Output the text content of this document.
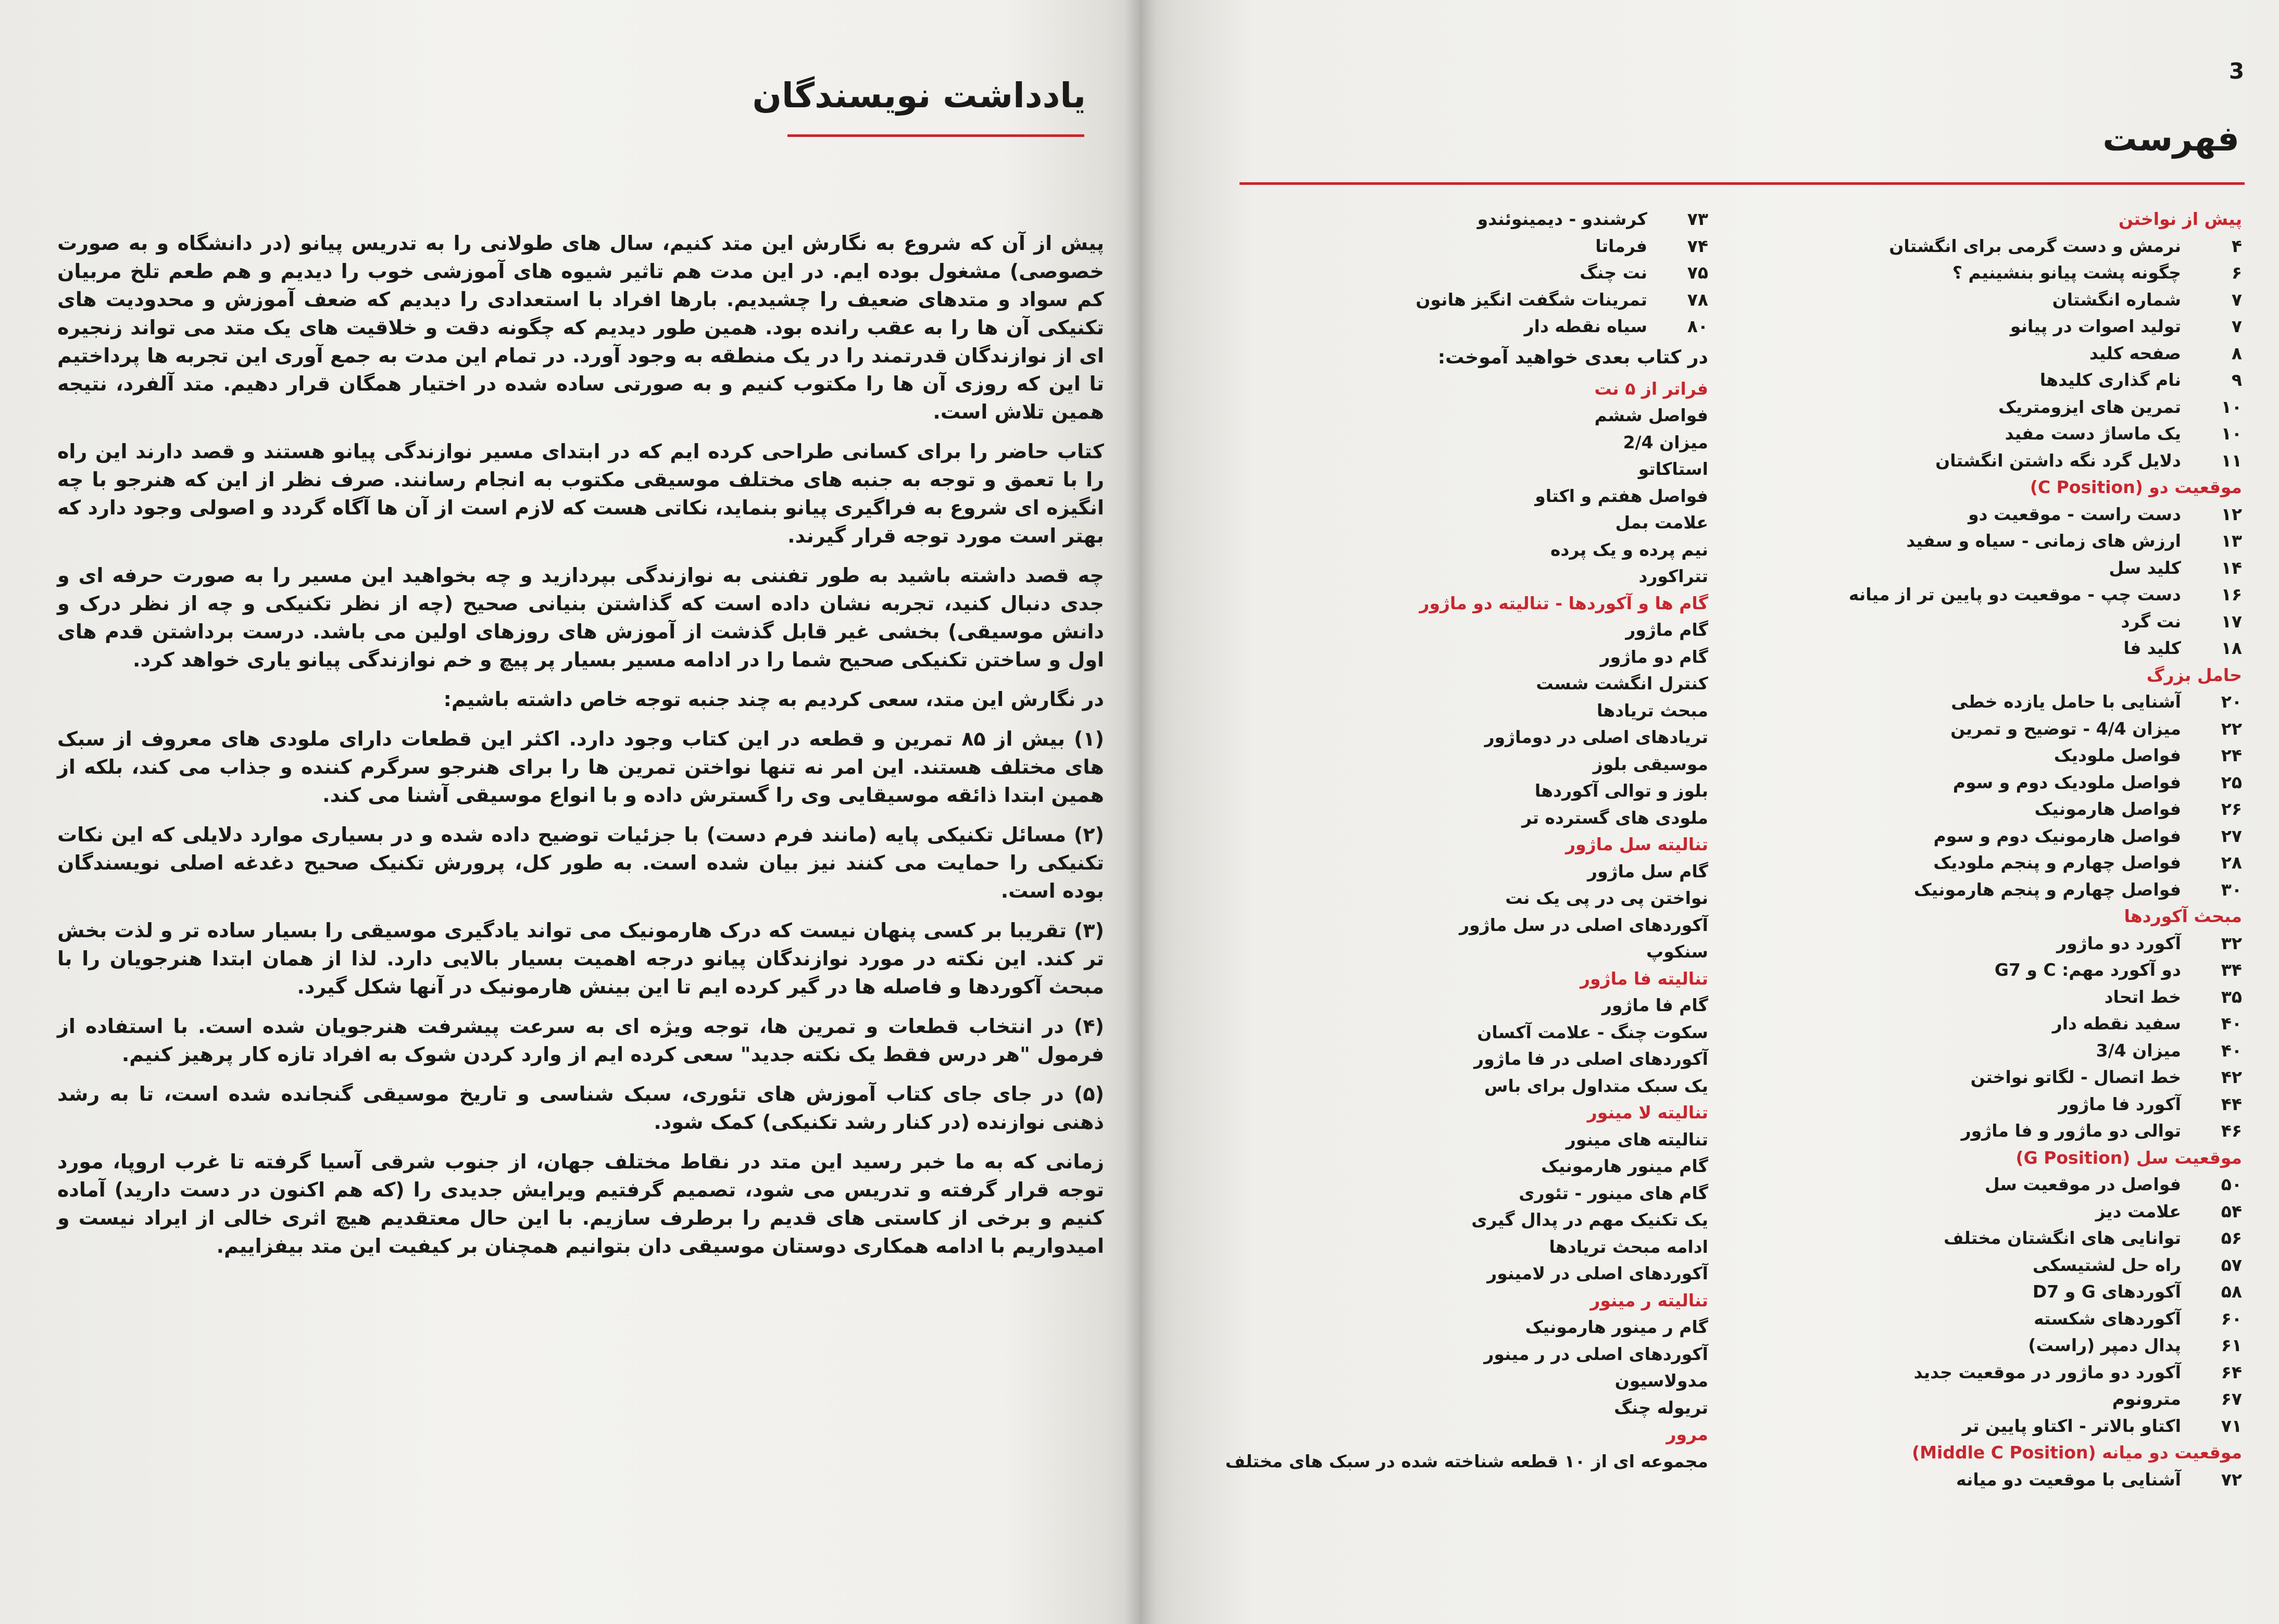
یادداشت نویسندگان

پیش از آن که شروع به نگارش این متد کنیم، سال های طولانی را به تدریس پیانو (در دانشگاه و به صورت خصوصی) مشغول بوده ایم. در این مدت هم تاثیر شیوه های آموزشی خوب را دیدیم و هم طعم تلخ مربیان کم سواد و متدهای ضعیف را چشیدیم. بارها افراد با استعدادی را دیدیم که ضعف آموزش و محدودیت های تکنیکی آن ها را به عقب رانده بود. همین طور دیدیم که چگونه دقت و خلاقیت های یک متد می تواند زنجیره ای از نوازندگان قدرتمند را در یک منطقه به وجود آورد. در تمام این مدت به جمع آوری این تجربه ها پرداختیم تا این که روزی آن ها را مکتوب کنیم و به صورتی ساده شده در اختیار همگان قرار دهیم. متد آلفرد، نتیجه همین تلاش است.

کتاب حاضر را برای کسانی طراحی کرده ایم که در ابتدای مسیر نوازندگی پیانو هستند و قصد دارند این راه را با تعمق و توجه به جنبه های مختلف موسیقی مکتوب به انجام رسانند. صرف نظر از این که هنرجو با چه انگیزه ای شروع به فراگیری پیانو بنماید، نکاتی هست که لازم است از آن ها آگاه گردد و اصولی وجود دارد که بهتر است مورد توجه قرار گیرند.

چه قصد داشته باشید به طور تفننی به نوازندگی بپردازید و چه بخواهید این مسیر را به صورت حرفه ای و جدی دنبال کنید، تجربه نشان داده است که گذاشتن بنیانی صحیح (چه از نظر تکنیکی و چه از نظر درک و دانش موسیقی) بخشی غیر قابل گذشت از آموزش های روزهای اولین می باشد. درست برداشتن قدم های اول و ساختن تکنیکی صحیح شما را در ادامه مسیر بسیار پر پیچ و خم نوازندگی پیانو یاری خواهد کرد.

در نگارش این متد، سعی کردیم به چند جنبه توجه خاص داشته باشیم:

(۱) بیش از ۸۵ تمرین و قطعه در این کتاب وجود دارد. اکثر این قطعات دارای ملودی های معروف از سبک های مختلف هستند. این امر نه تنها نواختن تمرین ها را برای هنرجو سرگرم کننده و جذاب می کند، بلکه از همین ابتدا ذائقه موسیقایی وی را گسترش داده و با انواع موسیقی آشنا می کند.

(۲) مسائل تکنیکی پایه (مانند فرم دست) با جزئیات توضیح داده شده و در بسیاری موارد دلایلی که این نکات تکنیکی را حمایت می کنند نیز بیان شده است. به طور کل، پرورش تکنیک صحیح دغدغه اصلی نویسندگان بوده است.

(۳) تقریبا بر کسی پنهان نیست که درک هارمونیک می تواند یادگیری موسیقی را بسیار ساده تر و لذت بخش تر کند. این نکته در مورد نوازندگان پیانو درجه اهمیت بسیار بالایی دارد. لذا از همان ابتدا هنرجویان را با مبحث آکوردها و فاصله ها در گیر کرده ایم تا این بینش هارمونیک در آنها شکل گیرد.

(۴) در انتخاب قطعات و تمرین ها، توجه ویژه ای به سرعت پیشرفت هنرجویان شده است. با استفاده از فرمول "هر درس فقط یک نکته جدید" سعی کرده ایم از وارد کردن شوک به افراد تازه کار پرهیز کنیم.

(۵) در جای جای کتاب آموزش های تئوری، سبک شناسی و تاریخ موسیقی گنجانده شده است، تا به رشد ذهنی نوازنده (در کنار رشد تکنیکی) کمک شود.

زمانی که به ما خبر رسید این متد در نقاط مختلف جهان، از جنوب شرقی آسیا گرفته تا غرب اروپا، مورد توجه قرار گرفته و تدریس می شود، تصمیم گرفتیم ویرایش جدیدی را (که هم اکنون در دست دارید) آماده کنیم و برخی از کاستی های قدیم را برطرف سازیم. با این حال معتقدیم هیچ اثری خالی از ایراد نیست و امیدواریم با ادامه همکاری دوستان موسیقی دان بتوانیم همچنان بر کیفیت این متد بیفزاییم.

3
فهرست
پیش از نواختن
۴
نرمش و دست گرمی برای انگشتان
۶
چگونه پشت پیانو بنشینیم ؟
۷
شماره انگشتان
۷
تولید اصوات در پیانو
۸
صفحه کلید
۹
نام گذاری کلیدها
۱۰
تمرین های ایزومتریک
۱۰
یک ماساژ دست مفید
۱۱
دلایل گرد نگه داشتن انگشتان
موقعیت دو (C Position)
۱۲
دست راست - موقعیت دو
۱۳
ارزش های زمانی - سیاه و سفید
۱۴
کلید سل
۱۶
دست چپ - موقعیت دو پایین تر از میانه
۱۷
نت گرد
۱۸
کلید فا
حامل بزرگ
۲۰
آشنایی با حامل یازده خطی
۲۲
میزان 4/4 - توضیح و تمرین
۲۴
فواصل ملودیک
۲۵
فواصل ملودیک دوم و سوم
۲۶
فواصل هارمونیک
۲۷
فواصل هارمونیک دوم و سوم
۲۸
فواصل چهارم و پنجم ملودیک
۳۰
فواصل چهارم و پنجم هارمونیک
مبحث آکوردها
۳۲
آکورد دو ماژور
۳۴
دو آکورد مهم: C و G7
۳۵
خط اتحاد
۴۰
سفید نقطه دار
۴۰
میزان 3/4
۴۲
خط اتصال - لگاتو نواختن
۴۴
آکورد فا ماژور
۴۶
توالی دو ماژور و فا ماژور
موقعیت سل (G Position)
۵۰
فواصل در موقعیت سل
۵۴
علامت دیز
۵۶
توانایی های انگشتان مختلف
۵۷
راه حل لشتیسکی
۵۸
آکوردهای G و D7
۶۰
آکوردهای شکسته
۶۱
پدال دمپر (راست)
۶۴
آکورد دو ماژور در موقعیت جدید
۶۷
مترونوم
۷۱
اکتاو بالاتر - اکتاو پایین تر
موقعیت دو میانه (Middle C Position)
۷۲
آشنایی با موقعیت دو میانه
۷۳
کرشندو - دیمینوئندو
۷۴
فرماتا
۷۵
نت چنگ
۷۸
تمرینات شگفت انگیز هانون
۸۰
سیاه نقطه دار
در کتاب بعدی خواهید آموخت:
فراتر از ۵ نت
فواصل ششم
میزان 2/4
استاکاتو
فواصل هفتم و اکتاو
علامت بمل
نیم پرده و یک پرده
تتراکورد
گام ها و آکوردها - تنالیته دو ماژور
گام ماژور
گام دو ماژور
کنترل انگشت شست
مبحث تریادها
تریادهای اصلی در دوماژور
موسیقی بلوز
بلوز و توالی آکوردها
ملودی های گسترده تر
تنالیته سل ماژور
گام سل ماژور
نواختن پی در پی یک نت
آکوردهای اصلی در سل ماژور
سنکوپ
تنالیته فا ماژور
گام فا ماژور
سکوت چنگ - علامت آکسان
آکوردهای اصلی در فا ماژور
یک سبک متداول برای باس
تنالیته لا مینور
تنالیته های مینور
گام مینور هارمونیک
گام های مینور - تئوری
یک تکنیک مهم در پدال گیری
ادامه مبحث تریادها
آکوردهای اصلی در لامینور
تنالیته ر مینور
گام ر مینور هارمونیک
آکوردهای اصلی در ر مینور
مدولاسیون
تریوله چنگ
مرور
مجموعه ای از ۱۰ قطعه شناخته شده در سبک های مختلف
